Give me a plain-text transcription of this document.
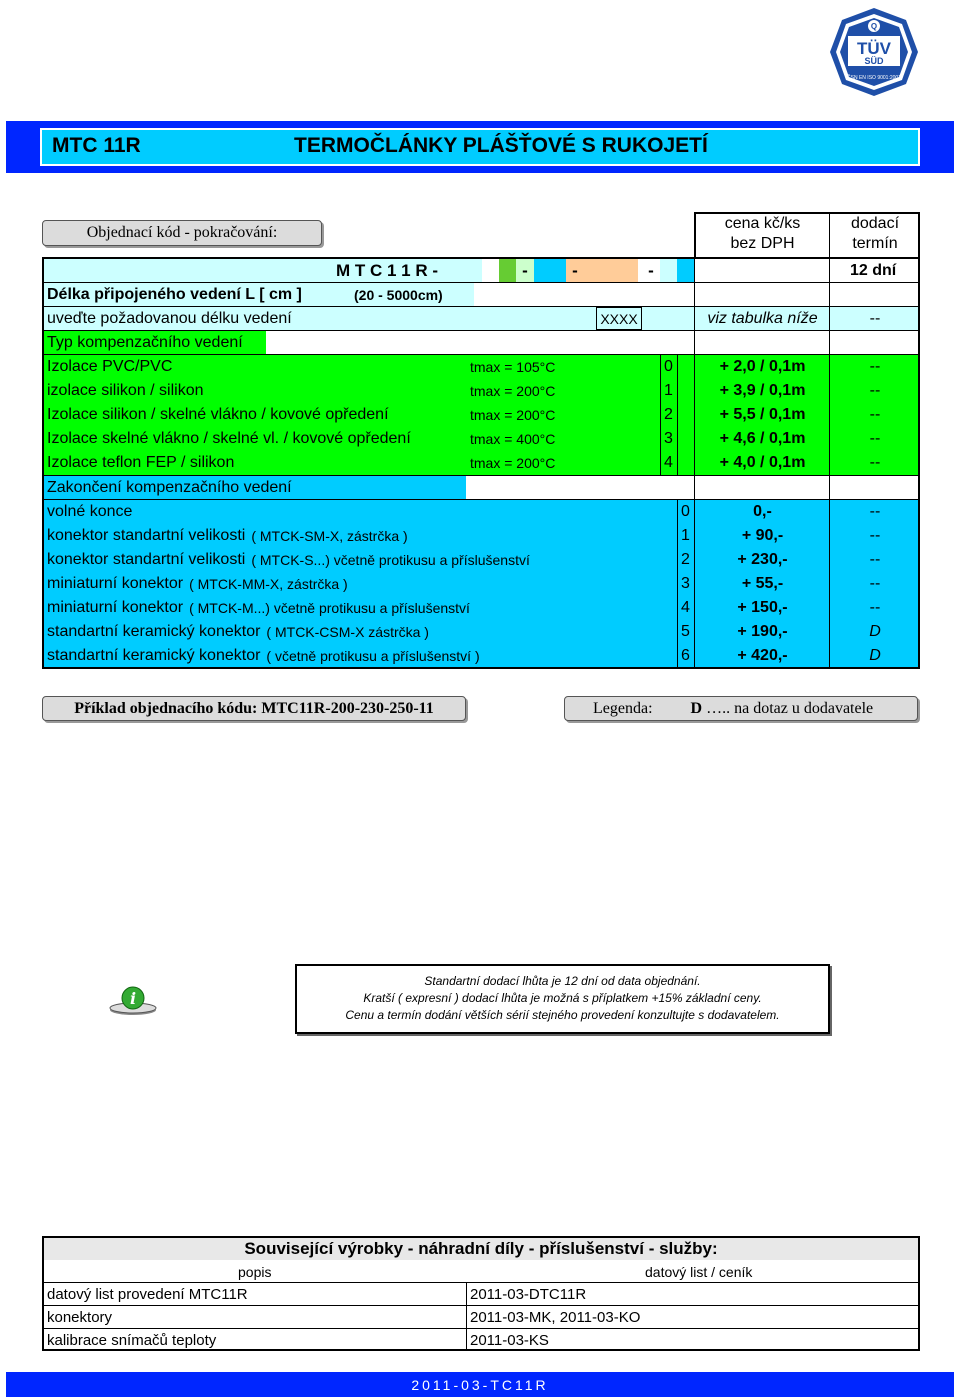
TÜV
SÜD
Q
ČSN EN ISO 9001:2001
MTC 11R	TERMOČLÁNKY PLÁŠŤOVÉ S RUKOJETÍ
Objednací kód - pokračování:
cena kč/ks
bez DPH
dodací
termín
M T C 1 1 R -	-	-	-	12 dní
Délka připojeného vedení L [ cm ]	(20 - 5000cm)
uveďte požadovanou délku vedení	XXXX	viz tabulka níže	--
Typ kompenzačního vedení
Izolace PVC/PVC	tmax = 105°C	0	+ 2,0 / 0,1m	--
izolace silikon / silikon	tmax = 200°C	1	+ 3,9 / 0,1m	--
Izolace silikon / skelné vlákno / kovové opředení	tmax = 200°C	2	+ 5,5 / 0,1m	--
Izolace skelné vlákno / skelné vl. / kovové opředení	tmax = 400°C	3	+ 4,6 / 0,1m	--
Izolace teflon FEP / silikon	tmax = 200°C	4	+ 4,0 / 0,1m	--
Zakončení kompenzačního vedení
volné konce	0	0,-	--
konektor standartní velikosti ( MTCK-SM-X, zástrčka )	1	+ 90,-	--
konektor standartní velikosti ( MTCK-S...) včetně protikusu a příslušenství	2	+ 230,-	--
miniaturní konektor ( MTCK-MM-X, zástrčka )	3	+ 55,-	--
miniaturní konektor ( MTCK-M...) včetně protikusu a příslušenství	4	+ 150,-	--
standartní keramický konektor ( MTCK-CSM-X zástrčka )	5	+ 190,-	D
standartní keramický konektor ( včetně protikusu a příslušenství )	6	+ 420,-	D
Příklad objednacího kódu: MTC11R-200-230-250-11	Legenda: D ….. na dotaz u dodavatele
i
Standartní dodací lhůta je 12 dní od data objednání.
Kratší ( expresní ) dodací lhůta je možná s příplatkem +15% základní ceny.
Cenu a termín dodání větších sérií stejného provedení konzultujte s dodavatelem.
Související výrobky - náhradní díly - příslušenství - služby:
popis	datový list / ceník
datový list provedení MTC11R	2011-03-DTC11R
konektory	2011-03-MK, 2011-03-KO
kalibrace snímačů teploty	2011-03-KS
2011-03-TC11R
